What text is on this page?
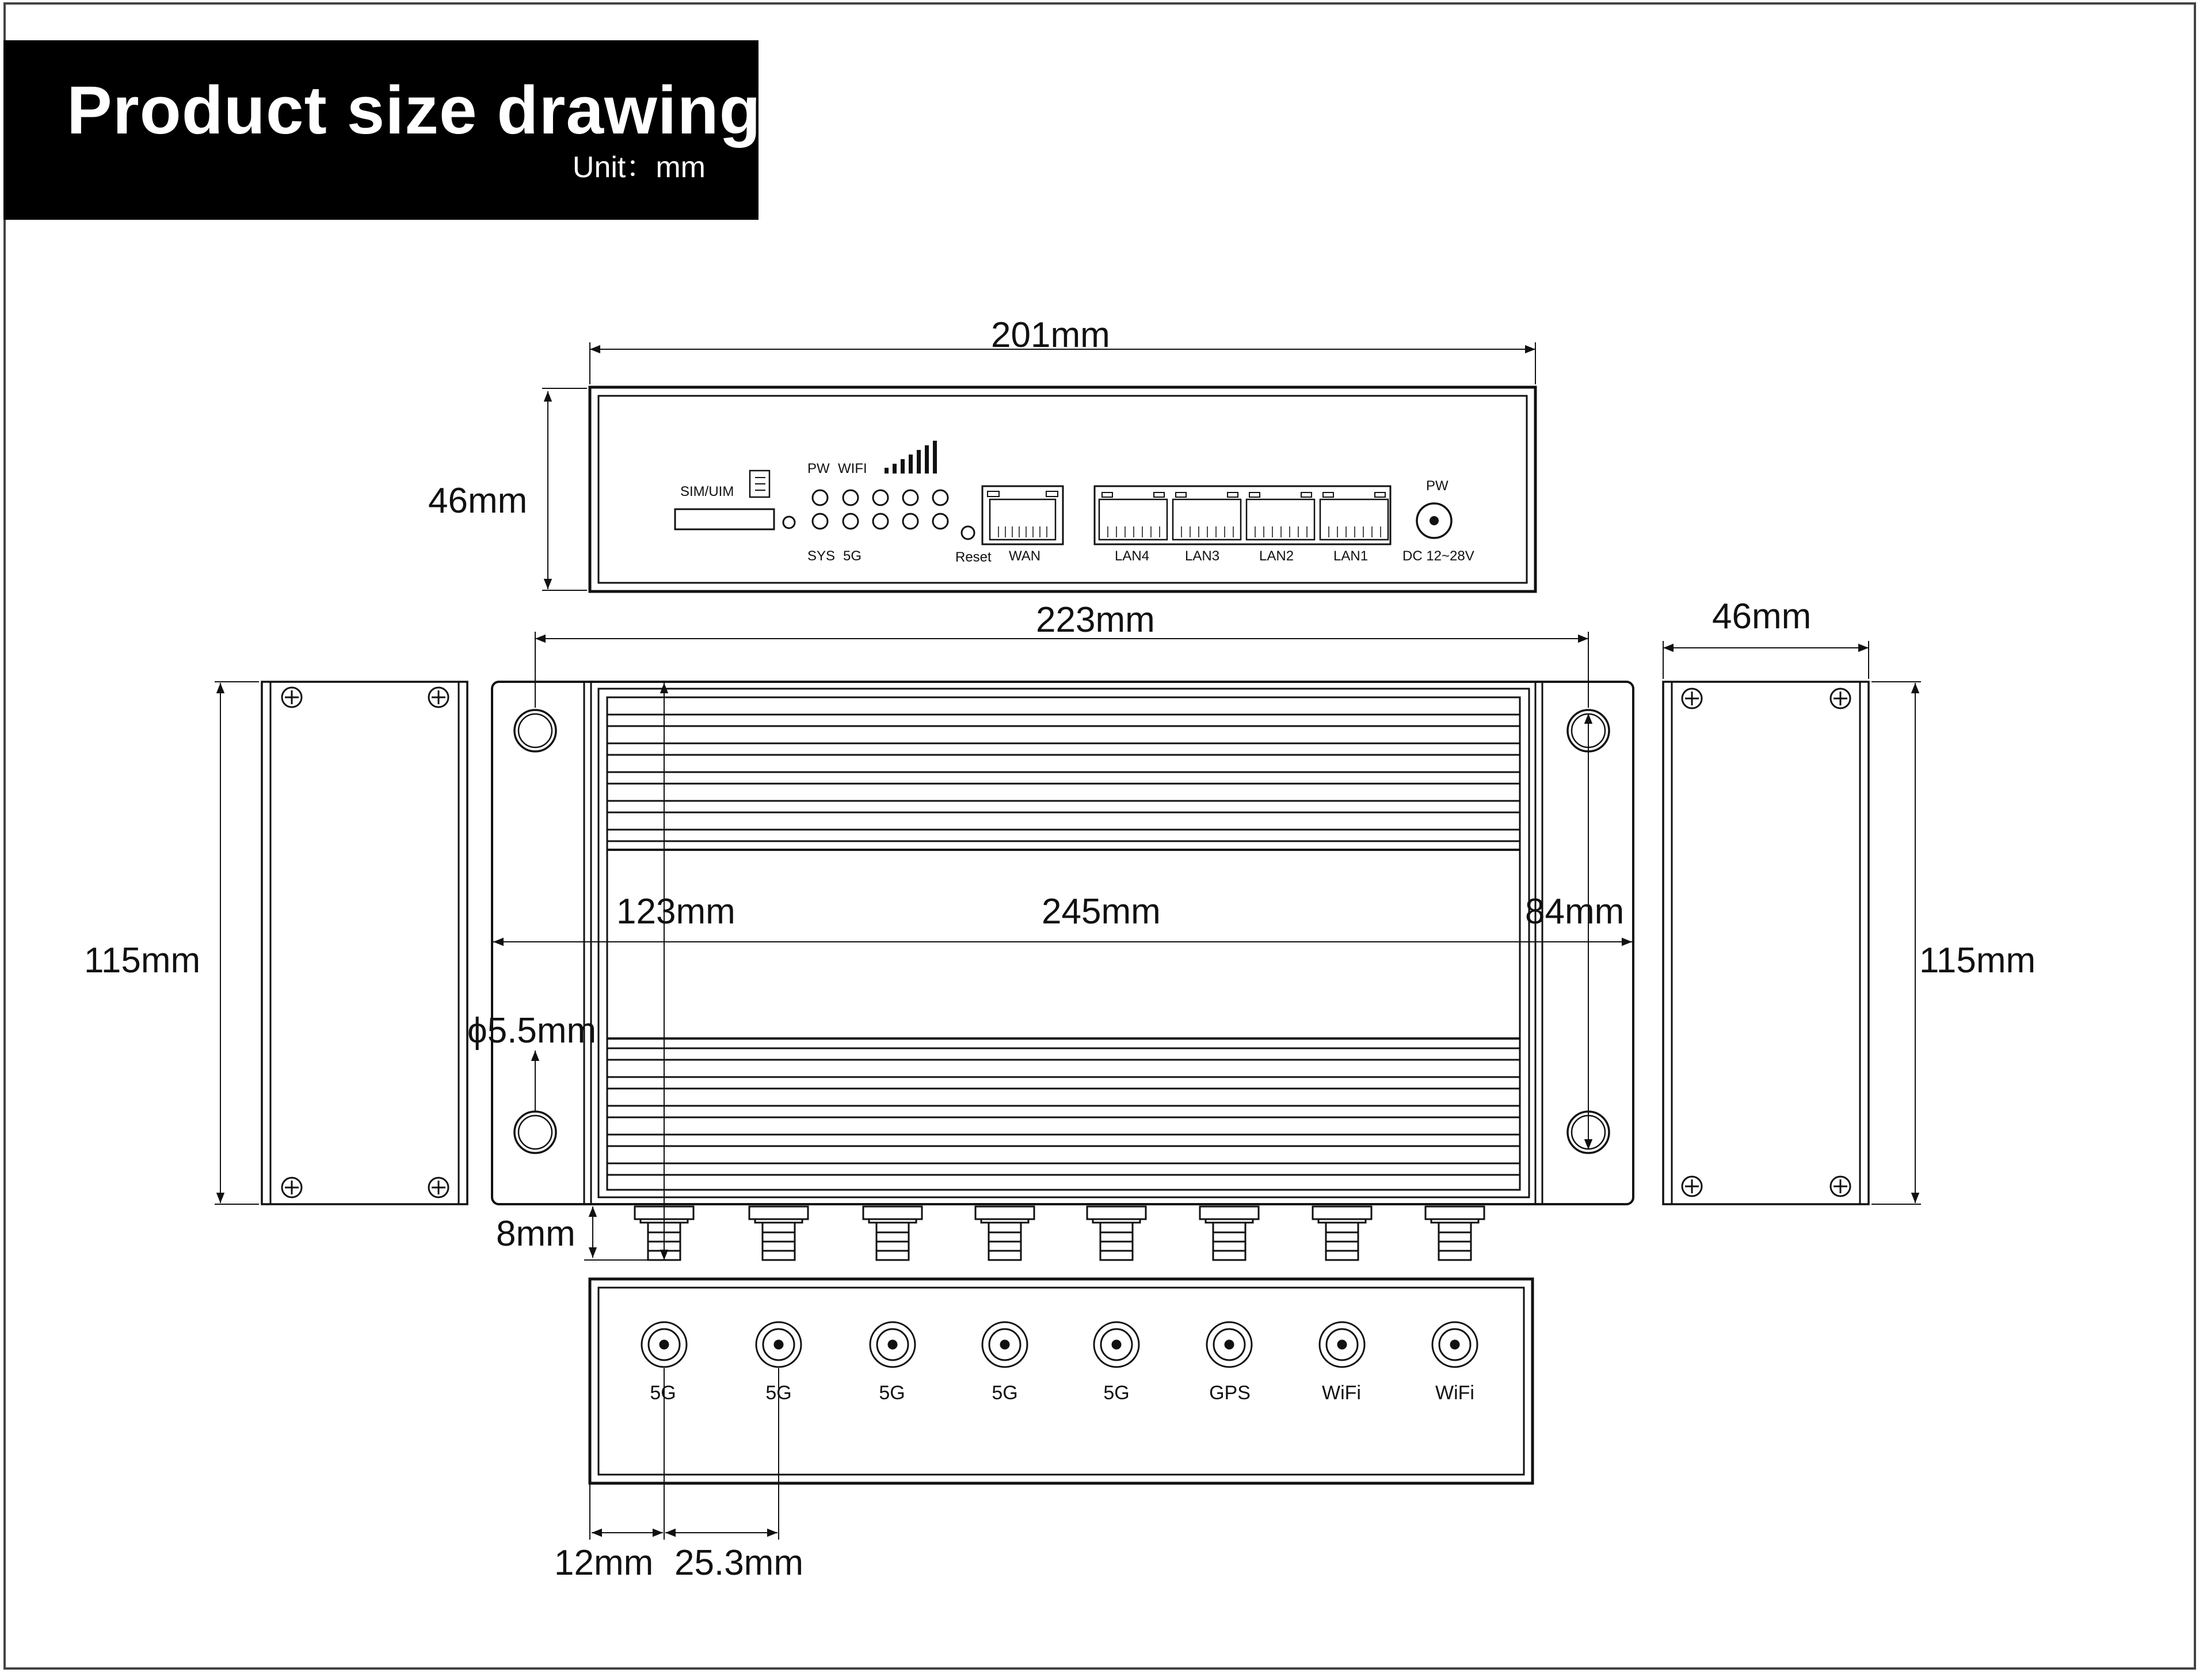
Product size drawing
Unit：mm
SIM/UIM
PW WIFI
SYS 5G	Reset WAN	LAN4	LAN3	LAN2	LAN1
PW
DC 12~28V
5G	5G	5G	5G	5G	GPS	WiFi	WiFi
201mm
46mm
223mm	46mm
115mm	115mm
123mm	245mm	84mm
ϕ5.5mm
8mm
12mm 25.3mm
